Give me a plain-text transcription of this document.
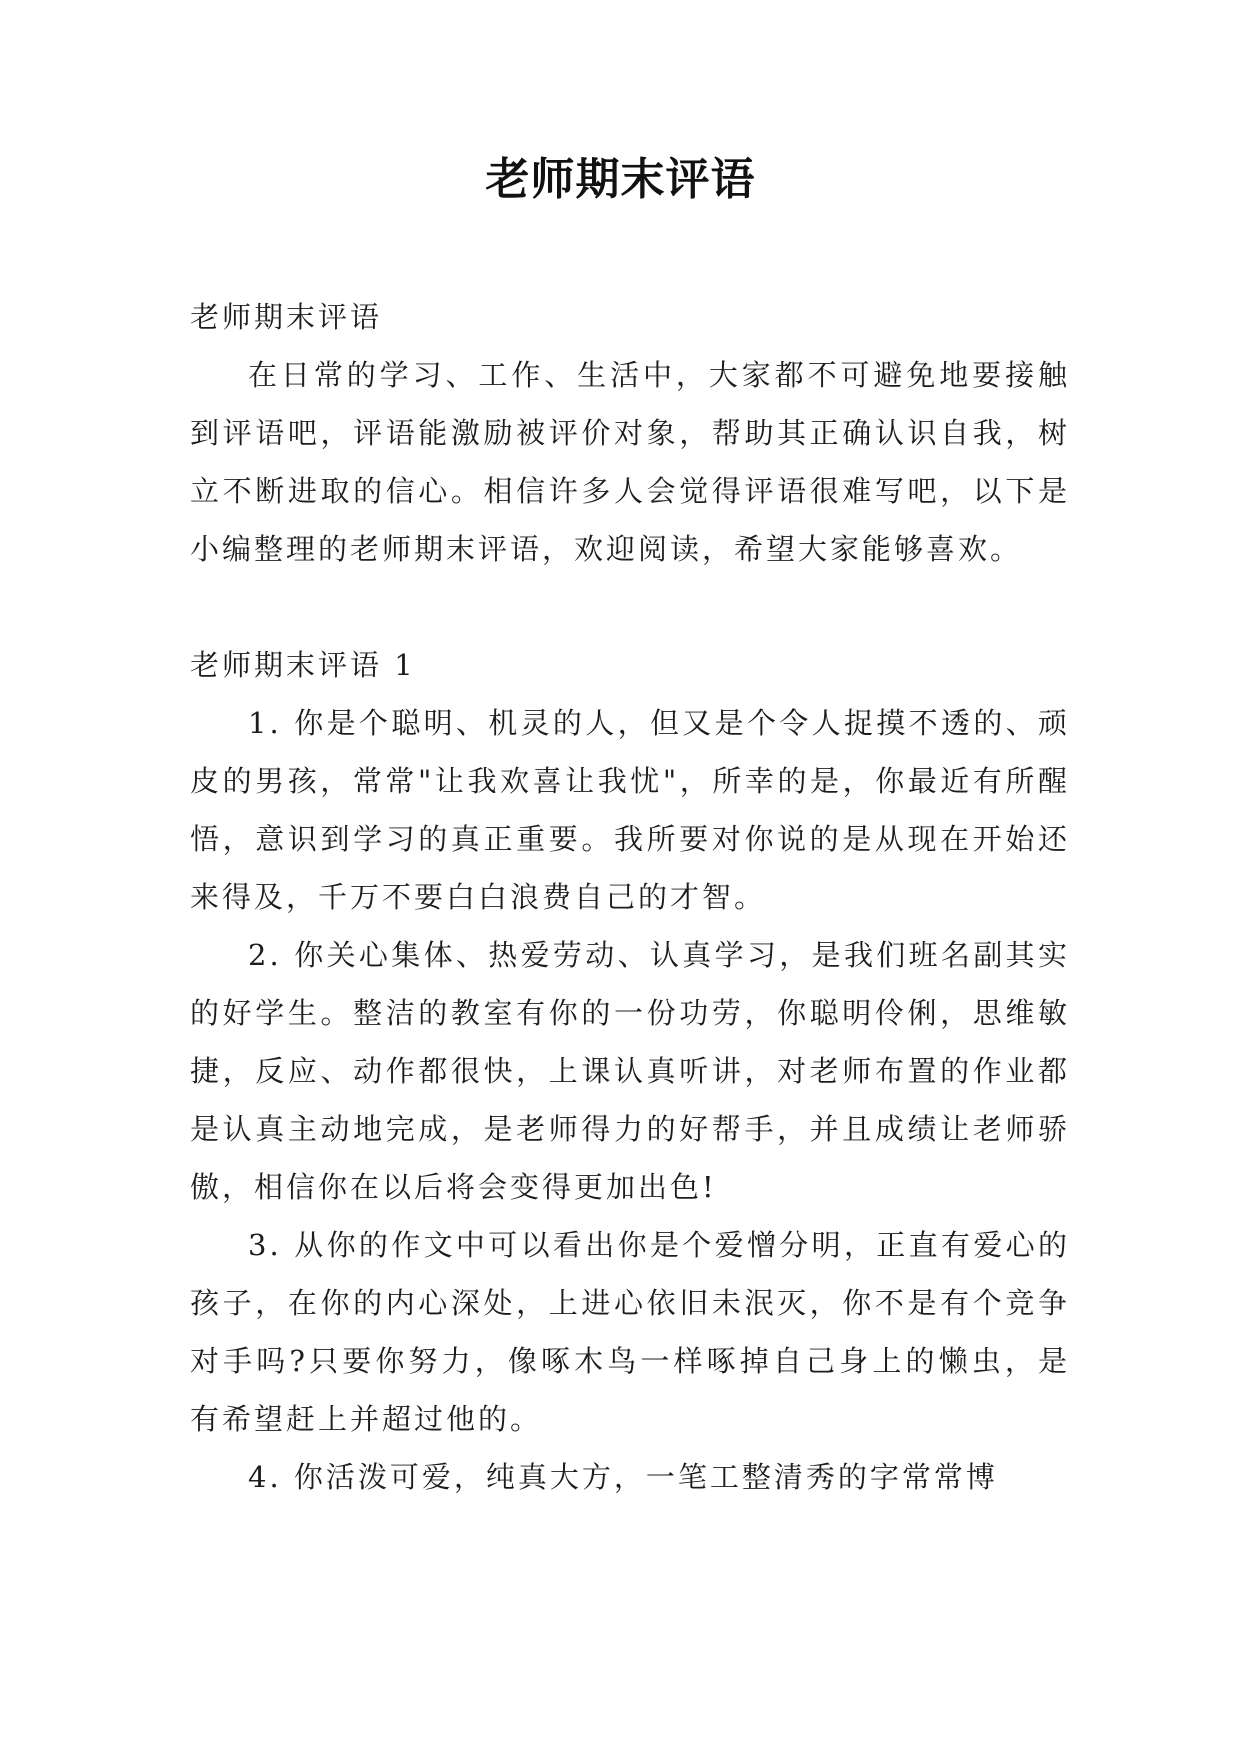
老师期末评语

老师期末评语

在日常的学习、工作、生活中，大家都不可避免地要接触到评语吧，评语能激励被评价对象，帮助其正确认识自我，树立不断进取的信心。相信许多人会觉得评语很难写吧，以下是小编整理的老师期末评语，欢迎阅读，希望大家能够喜欢。

老师期末评语 1

1. 你是个聪明、机灵的人，但又是个令人捉摸不透的、顽皮的男孩，常常"让我欢喜让我忧"，所幸的是，你最近有所醒悟，意识到学习的真正重要。我所要对你说的是从现在开始还来得及，千万不要白白浪费自己的才智。

2. 你关心集体、热爱劳动、认真学习，是我们班名副其实的好学生。整洁的教室有你的一份功劳，你聪明伶俐，思维敏捷，反应、动作都很快，上课认真听讲，对老师布置的作业都是认真主动地完成，是老师得力的好帮手，并且成绩让老师骄傲，相信你在以后将会变得更加出色!

3. 从你的作文中可以看出你是个爱憎分明，正直有爱心的孩子，在你的内心深处，上进心依旧未泯灭，你不是有个竞争对手吗?只要你努力，像啄木鸟一样啄掉自己身上的懒虫，是有希望赶上并超过他的。

4. 你活泼可爱，纯真大方，一笔工整清秀的字常常博
